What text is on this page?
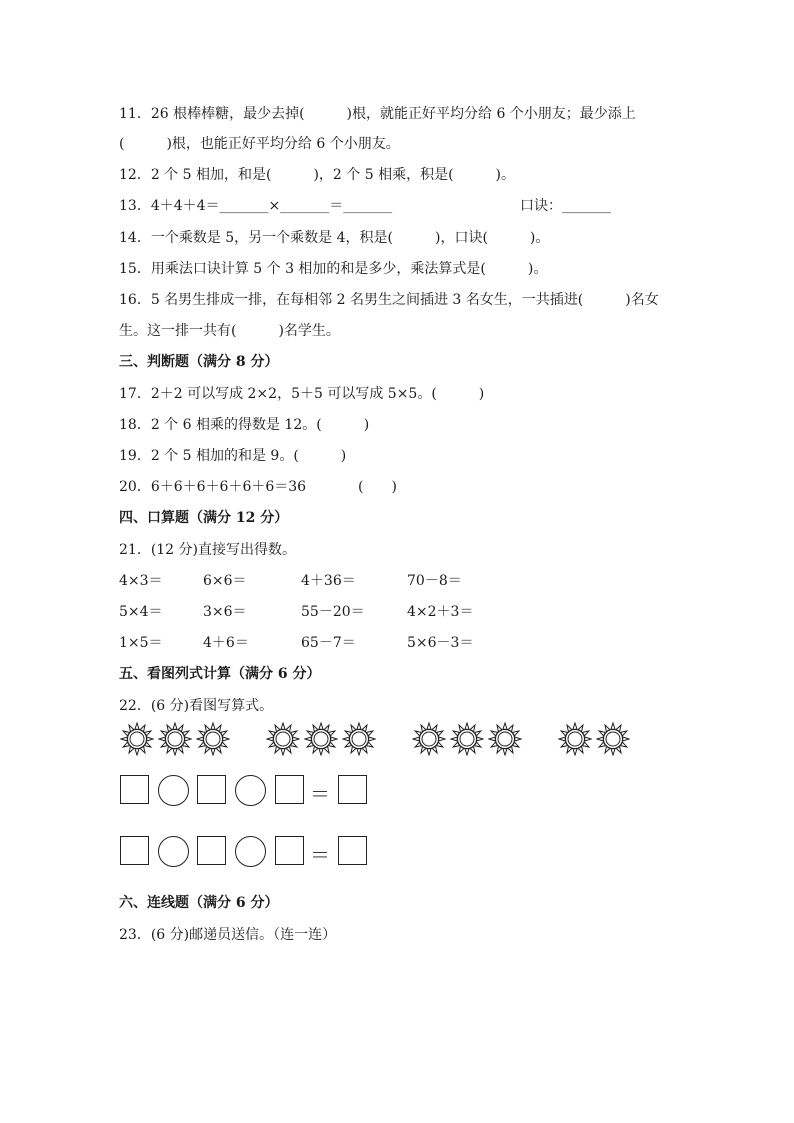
11．26 根棒棒糖，最少去掉(　　　)根，就能正好平均分给 6 个小朋友；最少添上
(　　　)根，也能正好平均分给 6 个小朋友。
12．2 个 5 相加，和是(　　　)，2 个 5 相乘，积是(　　　)。
13．4＋4＋4＝_______×_______＝_______	口诀：_______
14．一个乘数是 5，另一个乘数是 4，积是(　　　)，口诀(　　　)。
15．用乘法口诀计算 5 个 3 相加的和是多少，乘法算式是(　　　)。
16．5 名男生排成一排，在每相邻 2 名男生之间插进 3 名女生，一共插进(　　　)名女
生。这一排一共有(　　　)名学生。
三、判断题（满分 8 分）
17．2＋2 可以写成 2×2，5＋5 可以写成 5×5。(　　　)
18．2 个 6 相乘的得数是 12。(　　　)
19．2 个 5 相加的和是 9。(　　　)
20．6＋6＋6＋6＋6＋6＝36	(　　)
四、口算题（满分 12 分）
21．(12 分)直接写出得数。
4×3＝	6×6＝	4＋36＝	70－8＝
5×4＝	3×6＝	55－20＝	4×2＋3＝
1×5＝	4＋6＝	65－7＝	5×6－3＝
五、看图列式计算（满分 6 分）
22．(6 分)看图写算式。
＝
＝
六、连线题（满分 6 分）
23．(6 分)邮递员送信。（连一连）
